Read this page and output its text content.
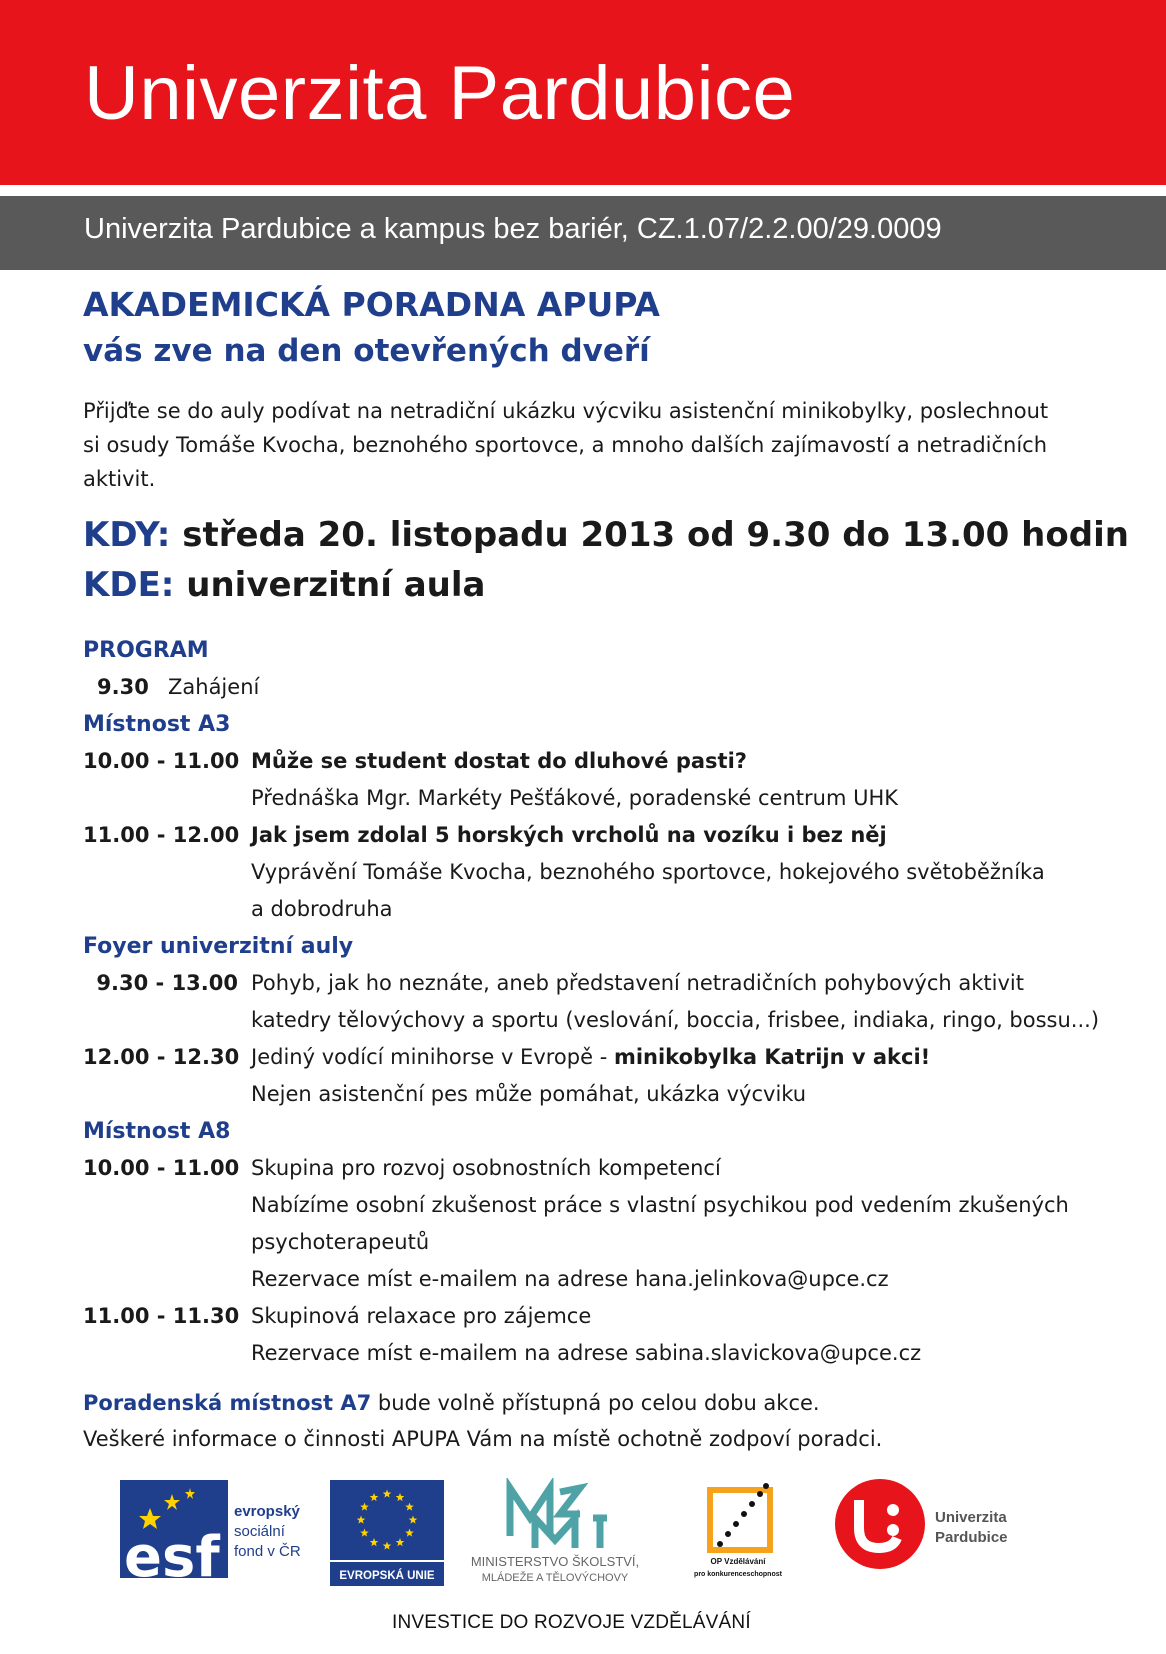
Univerzita Pardubice
Univerzita Pardubice a kampus bez bariér, CZ.1.07/2.2.00/29.0009
AKADEMICKÁ PORADNA APUPA
vás zve na den otevřených dveří
Přijďte se do auly podívat na netradiční ukázku výcviku asistenční minikobylky, poslechnout
si osudy Tomáše Kvocha, beznohého sportovce, a mnoho dalších zajímavostí a netradičních
aktivit.
KDY: středa 20. listopadu 2013 od 9.30 do 13.00 hodin
KDE: univerzitní aula
PROGRAM
9.30 Zahájení
Místnost A3
10.00 - 11.00 Může se student dostat do dluhové pasti?
Přednáška Mgr. Markéty Pešťákové, poradenské centrum UHK
11.00 - 12.00 Jak jsem zdolal 5 horských vrcholů na vozíku i bez něj
Vyprávění Tomáše Kvocha, beznohého sportovce, hokejového světoběžníka
a dobrodruha
Foyer univerzitní auly
9.30 - 13.00 Pohyb, jak ho neznáte, aneb představení netradičních pohybových aktivit
katedry tělovýchovy a sportu (veslování, boccia, frisbee, indiaka, ringo, bossu...)
12.00 - 12.30 Jediný vodící minihorse v Evropě - minikobylka Katrijn v akci!
Nejen asistenční pes může pomáhat, ukázka výcviku
Místnost A8
10.00 - 11.00 Skupina pro rozvoj osobnostních kompetencí
Nabízíme osobní zkušenost práce s vlastní psychikou pod vedením zkušených
psychoterapeutů
Rezervace míst e-mailem na adrese hana.jelinkova@upce.cz
11.00 - 11.30 Skupinová relaxace pro zájemce
Rezervace míst e-mailem na adrese sabina.slavickova@upce.cz
Poradenská místnost A7 bude volně přístupná po celou dobu akce.
Veškeré informace o činnosti APUPA Vám na místě ochotně zodpoví poradci.
esf
evropský
sociální
fond v ČR
EVROPSKÁ UNIE
MINISTERSTVO ŠKOLSTVÍ,
MLÁDEŽE A TĚLOVÝCHOVY
OP Vzdělávání
pro konkurenceschopnost
Univerzita
Pardubice
INVESTICE DO ROZVOJE VZDĚLÁVÁNÍ
